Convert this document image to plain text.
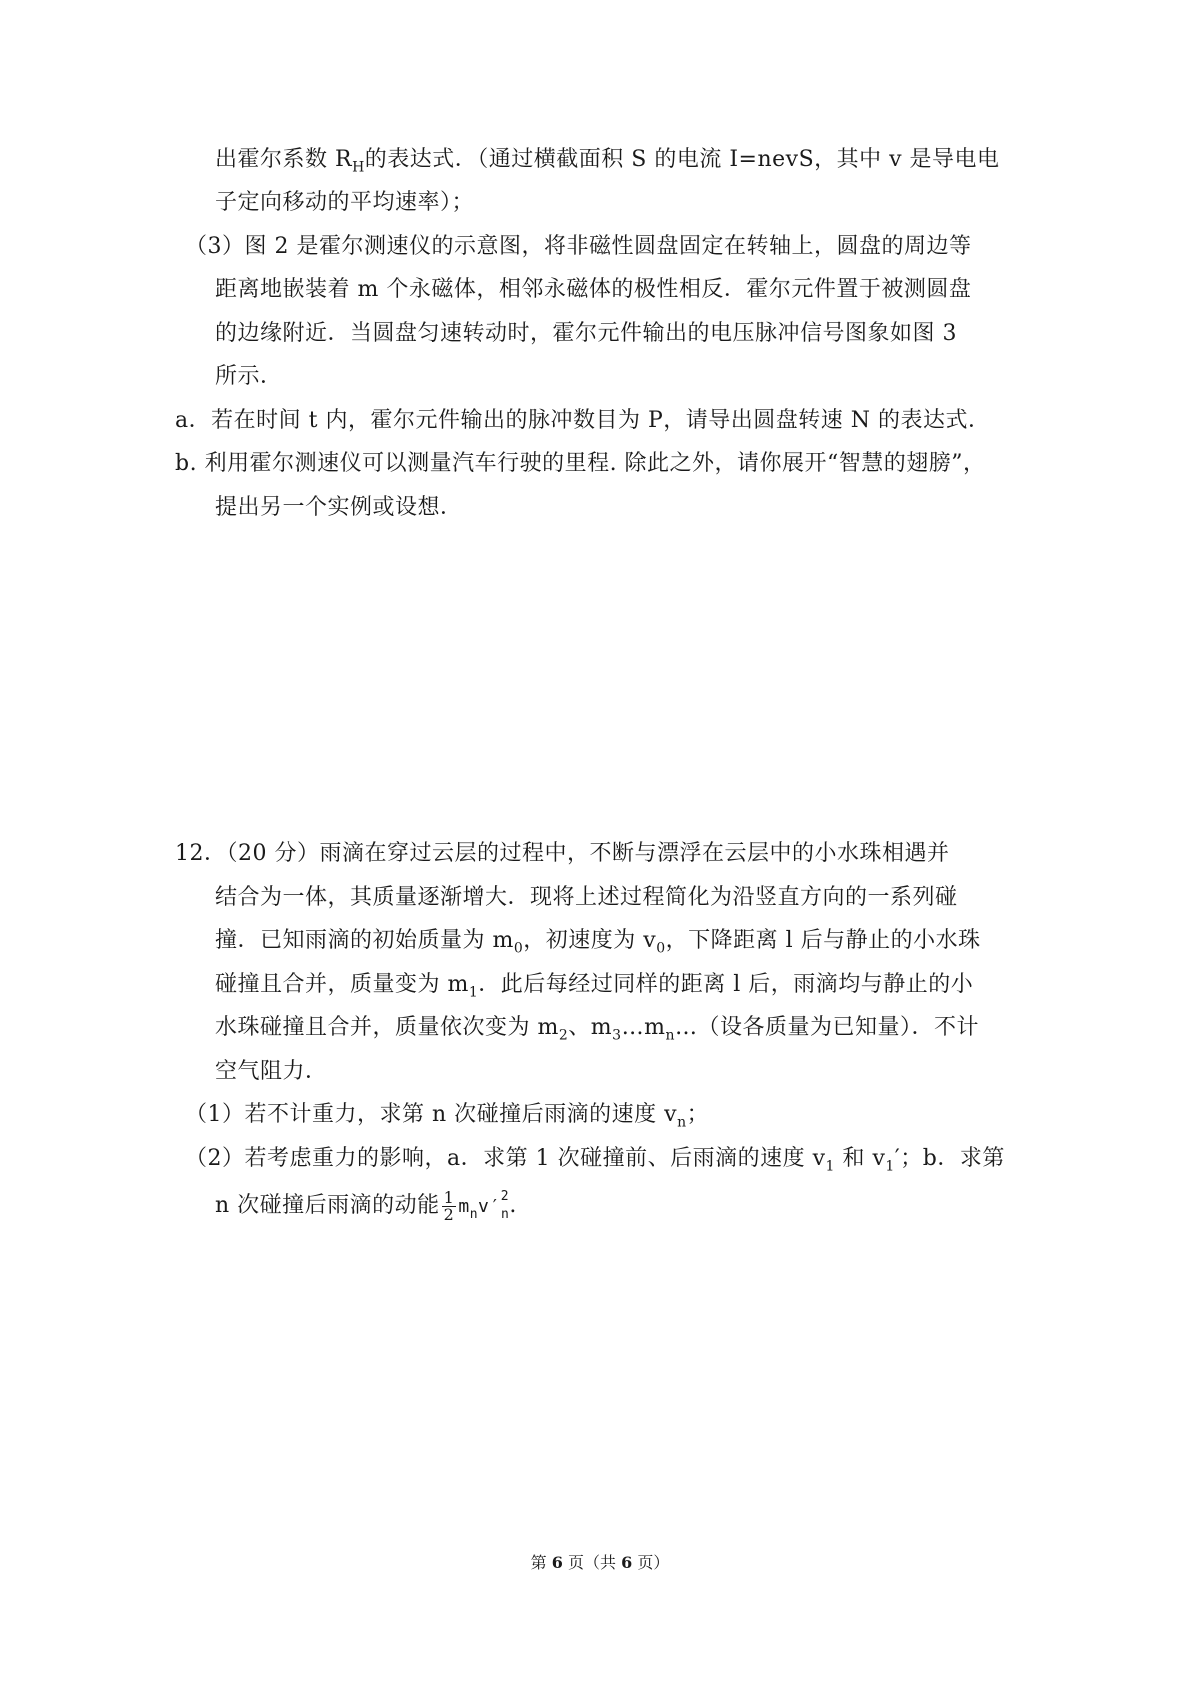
出霍尔系数 $R_H$的表达式．（通过横截面积 S 的电流 I=nevS，其中 v 是导电电
子定向移动的平均速率）；
（3）图 2 是霍尔测速仪的示意图，将非磁性圆盘固定在转轴上，圆盘的周边等
距离地嵌装着 m 个永磁体，相邻永磁体的极性相反．霍尔元件置于被测圆盘
的边缘附近．当圆盘匀速转动时，霍尔元件输出的电压脉冲信号图象如图 3
所示．
a．若在时间 t 内，霍尔元件输出的脉冲数目为 P，请导出圆盘转速 N 的表达式．
b. 利用霍尔测速仪可以测量汽车行驶的里程. 除此之外，请你展开“智慧的翅膀”，
提出另一个实例或设想．
12．（20 分）雨滴在穿过云层的过程中，不断与漂浮在云层中的小水珠相遇并
结合为一体，其质量逐渐增大．现将上述过程简化为沿竖直方向的一系列碰
撞．已知雨滴的初始质量为 $m_0$，初速度为 $v_0$，下降距离 l 后与静止的小水珠
碰撞且合并，质量变为 $m_1$．此后每经过同样的距离 l 后，雨滴均与静止的小
水珠碰撞且合并，质量依次变为 $m_2$、$m_3\dots m_n\dots$（设各质量为已知量）．不计
空气阻力．
（1）若不计重力，求第 n 次碰撞后雨滴的速度 $v_n$；
（2）若考虑重力的影响，a．求第 1 次碰撞前、后雨滴的速度 $v_1$ 和 $v_1'$；b．求第
n 次碰撞后雨滴的动能 $\frac{1}{2} m_nv'^2_n$.
第 6 页（共 6 页）
